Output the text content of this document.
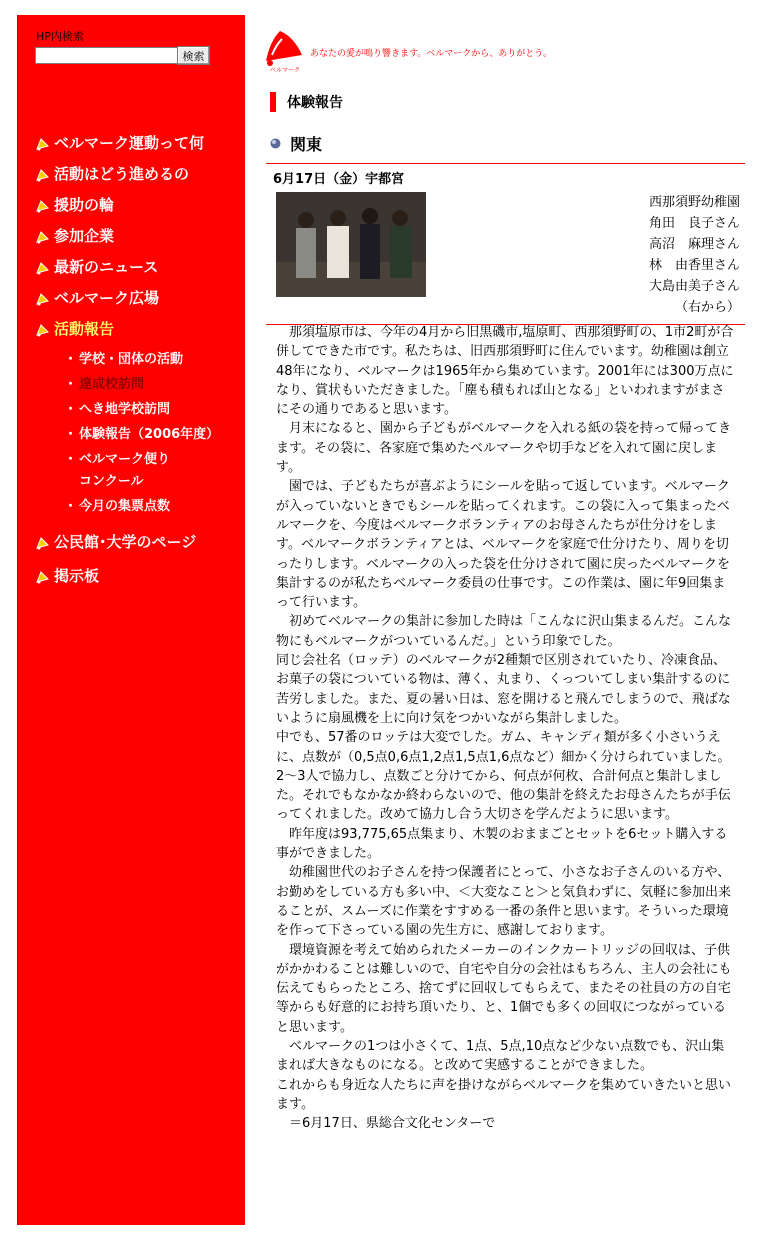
HP内検索
検索
ベルマーク運動って何
活動はどう進めるの
援助の輪
参加企業
最新のニュース
ベルマーク広場
活動報告
・ 学校・団体の活動
・ 達成校訪問
・ へき地学校訪問
・ 体験報告（2006年度）
・ ベルマーク便り
コンクール
・ 今月の集票点数
公民館･大学のページ
掲示板
ベルマーク
あなたの愛が鳴り響きます。ベルマークから、ありがとう。
体験報告
関東
6月17日（金）宇都宮
西那須野幼稚園
角田　良子さん
高沼　麻理さん
林　由香里さん
大島由美子さん
（右から）

　那須塩原市は、今年の4月から旧黒磯市,塩原町、西那須野町の、1市2町が合併してできた市です。私たちは、旧西那須野町に住んでいます。幼稚園は創立48年になり、ベルマークは1965年から集めています。2001年には300万点になり、賞状もいただきました。「塵も積もれば山となる」といわれますがまさにその通りであると思います。

　月末になると、園から子どもがベルマークを入れる紙の袋を持って帰ってきます。その袋に、各家庭で集めたベルマークや切手などを入れて園に戻します。

　園では、子どもたちが喜ぶようにシールを貼って返しています。ベルマークが入っていないときでもシールを貼ってくれます。この袋に入って集まったベルマークを、今度はベルマークボランティアのお母さんたちが仕分けをします。ベルマークボランティアとは、ベルマークを家庭で仕分けたり、周りを切ったりします。ベルマークの入った袋を仕分けされて園に戻ったベルマークを集計するのが私たちベルマーク委員の仕事です。この作業は、園に年9回集まって行います。

　初めてベルマークの集計に参加した時は「こんなに沢山集まるんだ。こんな物にもベルマークがついているんだ。」という印象でした。

同じ会社名（ロッテ）のベルマークが2種類で区別されていたり、冷凍食品、お菓子の袋についている物は、薄く、丸まり、くっついてしまい集計するのに苦労しました。また、夏の暑い日は、窓を開けると飛んでしまうので、飛ばないように扇風機を上に向け気をつかいながら集計しました。

中でも、57番のロッテは大変でした。ガム、キャンディ類が多く小さいうえに、点数が（0,5点0,6点1,2点1,5点1,6点など）細かく分けられていました。2～3人で協力し、点数ごと分けてから、何点が何枚、合計何点と集計しました。それでもなかなか終わらないので、他の集計を終えたお母さんたちが手伝ってくれました。改めて協力し合う大切さを学んだように思います。

　昨年度は93,775,65点集まり、木製のおままごとセットを6セット購入する事ができました。

　幼稚園世代のお子さんを持つ保護者にとって、小さなお子さんのいる方や、お勤めをしている方も多い中、＜大変なこと＞と気負わずに、気軽に参加出来ることが、スムーズに作業をすすめる一番の条件と思います。そういった環境を作って下さっている園の先生方に、感謝しております。

　環境資源を考えて始められたメーカーのインクカートリッジの回収は、子供がかかわることは難しいので、自宅や自分の会社はもちろん、主人の会社にも伝えてもらったところ、捨てずに回収してもらえて、またその社員の方の自宅等からも好意的にお持ち頂いたり、と、1個でも多くの回収につながっていると思います。

　ベルマークの1つは小さくて、1点、5点,10点など少ない点数でも、沢山集まれば大きなものになる。と改めて実感することができました。

これからも身近な人たちに声を掛けながらベルマークを集めていきたいと思います。

　＝6月17日、県総合文化センターで
